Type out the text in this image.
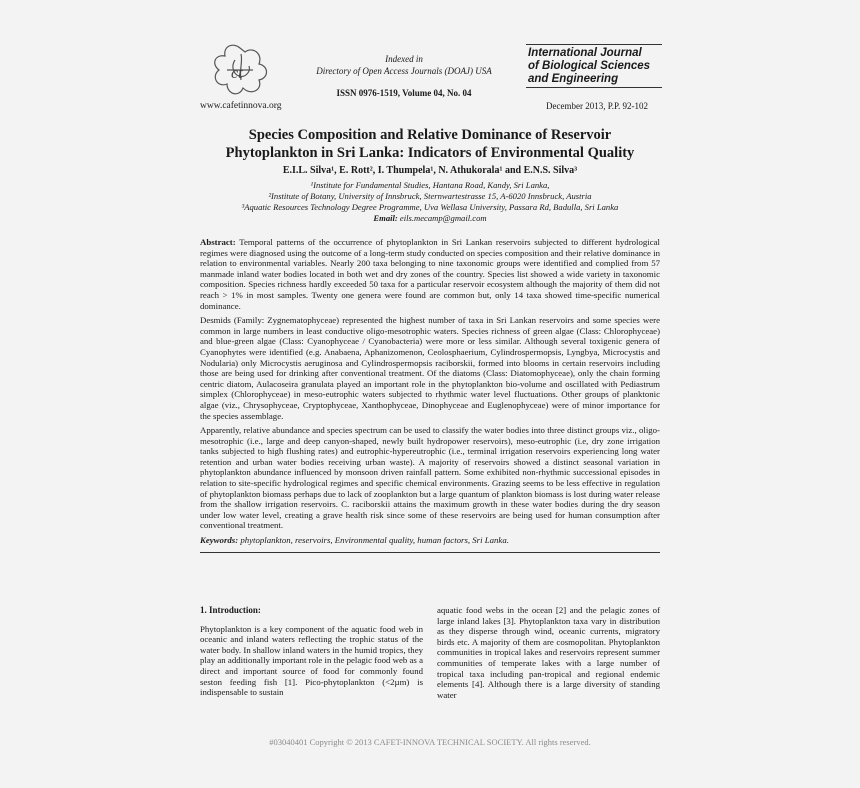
ct
www.cafetinnova.org
Indexed in
Directory of Open Access Journals (DOAJ) USA
ISSN 0976-1519, Volume 04, No. 04
International Journal
of Biological Sciences
and Engineering
December 2013, P.P. 92-102
Species Composition and Relative Dominance of Reservoir
Phytoplankton in Sri Lanka: Indicators of Environmental Quality
E.I.L. Silva¹, E. Rott², I. Thumpela¹, N. Athukorala¹ and E.N.S. Silva³
¹Institute for Fundamental Studies, Hantana Road, Kandy, Sri Lanka,
²Institute of Botany, University of Innsbruck, Sternwartestrasse 15, A-6020 Innsbruck, Austria
³Aquatic Resources Technology Degree Programme, Uva Wellasa University, Passara Rd, Badulla, Sri Lanka
Email: eils.mecamp@gmail.com

Abstract: Temporal patterns of the occurrence of phytoplankton in Sri Lankan reservoirs subjected to different hydrological regimes were diagnosed using the outcome of a long-term study conducted on species composition and their relative dominance in relation to environmental variables. Nearly 200 taxa belonging to nine taxonomic groups were identified and complied from 57 manmade inland water bodies located in both wet and dry zones of the country. Species list showed a wide variety in taxonomic composition. Species richness hardly exceeded 50 taxa for a particular reservoir ecosystem although the majority of them did not reach > 1% in most samples. Twenty one genera were found are common but, only 14 taxa showed time-specific numerical dominance.

Desmids (Family: Zygnematophyceae) represented the highest number of taxa in Sri Lankan reservoirs and some species were common in large numbers in least conductive oligo-mesotrophic waters. Species richness of green algae (Class: Chlorophyceae) and blue-green algae (Class: Cyanophyceae / Cyanobacteria) were more or less similar. Although several toxigenic genera of Cyanophytes were identified (e.g. Anabaena, Aphanizomenon, Ceolosphaerium, Cylindrospermopsis, Lyngbya, Microcystis and Nodularia) only Microcystis aeruginosa and Cylindrospermopsis raciborskii, formed into blooms in certain reservoirs including those are being used for drinking after conventional treatment. Of the diatoms (Class: Diatomophyceae), only the chain forming centric diatom, Aulacoseira granulata played an important role in the phytoplankton bio-volume and oscillated with Pediastrum simplex (Chlorophyceae) in meso-eutrophic waters subjected to rhythmic water level fluctuations. Other groups of planktonic algae (viz., Chrysophyceae, Cryptophyceae, Xanthophyceae, Dinophyceae and Euglenophyceae) were of minor importance for the species assemblage.

Apparently, relative abundance and species spectrum can be used to classify the water bodies into three distinct groups viz., oligo-mesotrophic (i.e., large and deep canyon-shaped, newly built hydropower reservoirs), meso-eutrophic (i.e, dry zone irrigation tanks subjected to high flushing rates) and eutrophic-hypereutrophic (i.e., terminal irrigation reservoirs experiencing long water retention and urban water bodies receiving urban waste). A majority of reservoirs showed a distinct seasonal variation in phytoplankton abundance influenced by monsoon driven rainfall pattern. Some exhibited non-rhythmic successional episodes in relation to site-specific hydrological regimes and specific chemical environments. Grazing seems to be less effective in regulation of phytoplankton biomass perhaps due to lack of zooplankton but a large quantum of plankton biomass is lost during water release from the shallow irrigation reservoirs. C. raciborskii attains the maximum growth in these water bodies during the dry season under low water level, creating a grave health risk since some of these reservoirs are being used for human consumption after conventional treatment.

Keywords: phytoplankton, reservoirs, Environmental quality, human factors, Sri Lanka.

1. Introduction:
Phytoplankton is a key component of the aquatic food web in oceanic and inland waters reflecting the trophic status of the water body. In shallow inland waters in the humid tropics, they play an additionally important role in the pelagic food web as a direct and important source of food for commonly found seston feeding fish [1]. Pico-phytoplankton (<2µm) is indispensable to sustain
aquatic food webs in the ocean [2] and the pelagic zones of large inland lakes [3]. Phytoplankton taxa vary in distribution as they disperse through wind, oceanic currents, migratory birds etc. A majority of them are cosmopolitan. Phytoplankton communities in tropical lakes and reservoirs represent summer communities of temperate lakes with a large number of tropical taxa including pan-tropical and regional endemic elements [4]. Although there is a large diversity of standing water
#03040401 Copyright © 2013 CAFET-INNOVA TECHNICAL SOCIETY. All rights reserved.
